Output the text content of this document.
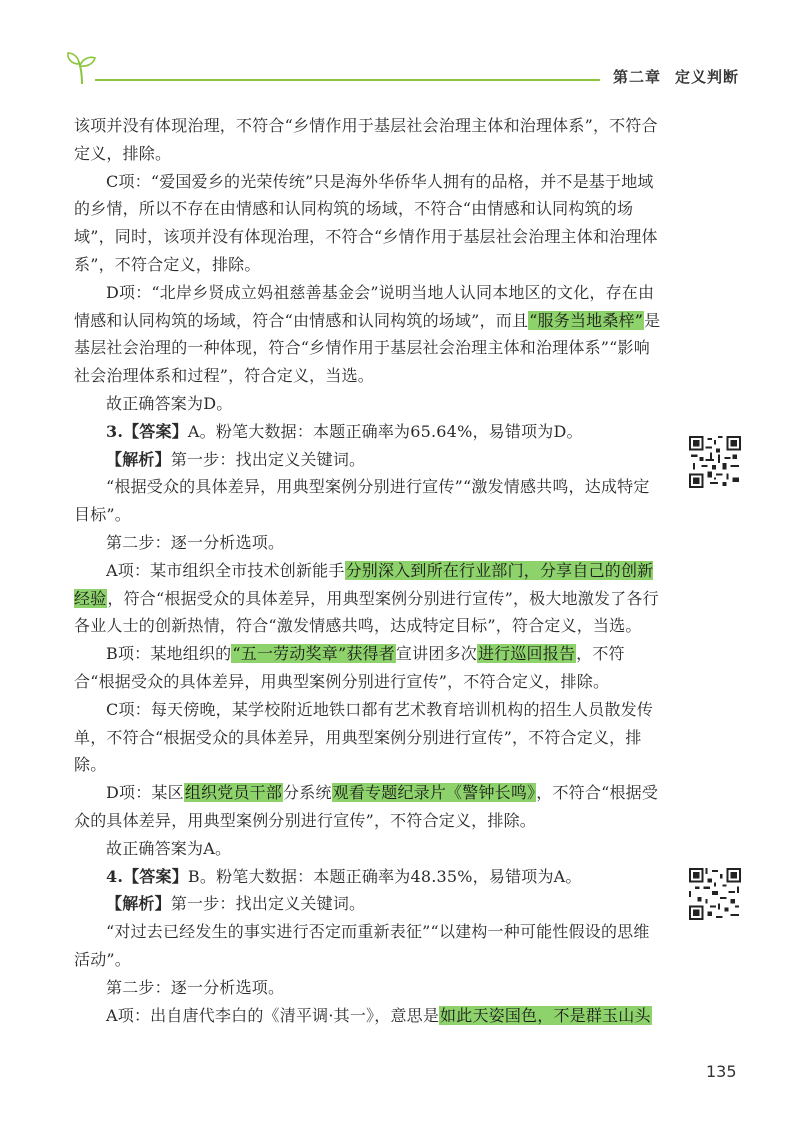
第二章 定义判断

该项并没有体现治理，不符合“乡情作用于基层社会治理主体和治理体系”，不符合定义，排除。

C项：“爱国爱乡的光荣传统”只是海外华侨华人拥有的品格，并不是基于地域的乡情，所以不存在由情感和认同构筑的场域，不符合“由情感和认同构筑的场域”，同时，该项并没有体现治理，不符合“乡情作用于基层社会治理主体和治理体系”，不符合定义，排除。

D项：“北岸乡贤成立妈祖慈善基金会”说明当地人认同本地区的文化，存在由情感和认同构筑的场域，符合“由情感和认同构筑的场域”，而且“服务当地桑梓”是基层社会治理的一种体现，符合“乡情作用于基层社会治理主体和治理体系”“影响社会治理体系和过程”，符合定义，当选。

故正确答案为D。

3.【答案】A。粉笔大数据：本题正确率为65.64%，易错项为D。

【解析】第一步：找出定义关键词。

“根据受众的具体差异，用典型案例分别进行宣传”“激发情感共鸣，达成特定目标”。

第二步：逐一分析选项。

A项：某市组织全市技术创新能手分别深入到所在行业部门，分享自己的创新经验，符合“根据受众的具体差异，用典型案例分别进行宣传”，极大地激发了各行各业人士的创新热情，符合“激发情感共鸣，达成特定目标”，符合定义，当选。

B项：某地组织的“五一劳动奖章”获得者宣讲团多次进行巡回报告，不符合“根据受众的具体差异，用典型案例分别进行宣传”，不符合定义，排除。

C项：每天傍晚，某学校附近地铁口都有艺术教育培训机构的招生人员散发传单，不符合“根据受众的具体差异，用典型案例分别进行宣传”，不符合定义，排除。

D项：某区组织党员干部分系统观看专题纪录片《警钟长鸣》，不符合“根据受众的具体差异，用典型案例分别进行宣传”，不符合定义，排除。

故正确答案为A。

4.【答案】B。粉笔大数据：本题正确率为48.35%，易错项为A。

【解析】第一步：找出定义关键词。

“对过去已经发生的事实进行否定而重新表征”“以建构一种可能性假设的思维活动”。

第二步：逐一分析选项。

A项：出自唐代李白的《清平调·其一》，意思是如此天姿国色，不是群玉山头

135
